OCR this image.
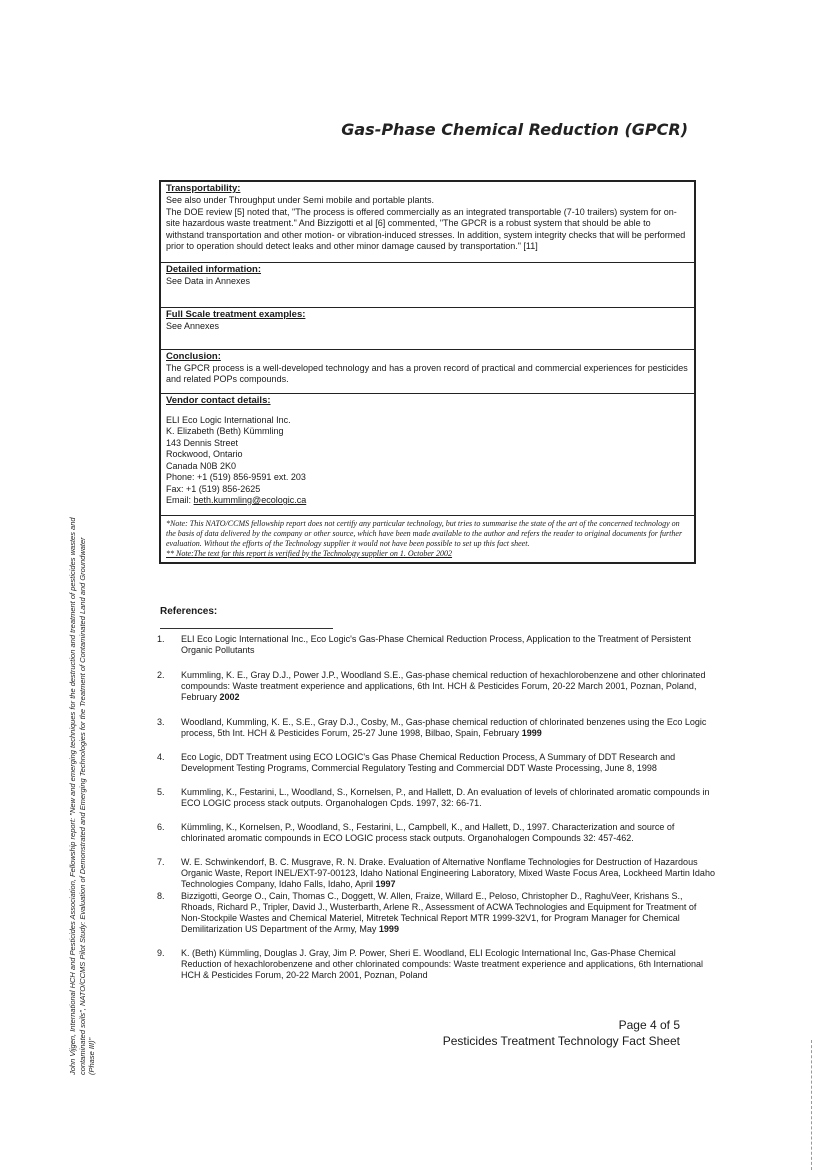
Gas-Phase Chemical Reduction (GPCR)
Transportability:
See also under Throughput under Semi mobile and portable plants.
The DOE review [5] noted that, "The process is offered commercially as an integrated transportable (7-10 trailers) system for on-site hazardous waste treatment." And Bizzigotti et al [6] commented, "The GPCR is a robust system that should be able to withstand transportation and other motion- or vibration-induced stresses. In addition, system integrity checks that will be performed prior to operation should detect leaks and other minor damage caused by transportation." [11]
Detailed information:
See Data in Annexes
Full Scale treatment examples:
See Annexes
Conclusion:
The GPCR process is a well-developed technology and has a proven record of practical and commercial experiences for pesticides and related POPs compounds.
Vendor contact details:
ELI Eco Logic International Inc.
K. Elizabeth (Beth) Kümmling
143 Dennis Street
Rockwood, Ontario
Canada N0B 2K0
Phone: +1 (519) 856-9591 ext. 203
Fax: +1 (519) 856-2625
Email: beth.kummling@ecologic.ca
*Note: This NATO/CCMS fellowship report does not certify any particular technology, but tries to summarise the state of the art of the concerned technology on the basis of data delivered by the company or other source, which have been made available to the author and refers the reader to original documents for further evaluation. Without the efforts of the Technology supplier it would not have been possible to set up this fact sheet.
** Note:The text for this report is verified by the Technology supplier on 1. October 2002
References:
1.	ELI Eco Logic International Inc., Eco Logic's Gas-Phase Chemical Reduction Process, Application to the Treatment of Persistent Organic Pollutants
2.	Kummling, K. E., Gray D.J., Power J.P., Woodland S.E., Gas-phase chemical reduction of hexachlorobenzene and other chlorinated compounds: Waste treatment experience and applications, 6th Int. HCH & Pesticides Forum, 20-22 March 2001, Poznan, Poland, February 2002
3.	Woodland, Kummling, K. E., S.E., Gray D.J., Cosby, M., Gas-phase chemical reduction of chlorinated benzenes using the Eco Logic process, 5th Int. HCH & Pesticides Forum, 25-27 June 1998, Bilbao, Spain, February 1999
4.	Eco Logic, DDT Treatment using ECO LOGIC's Gas Phase Chemical Reduction Process, A Summary of DDT Research and Development Testing Programs, Commercial Regulatory Testing and Commercial DDT Waste Processing, June 8, 1998
5.	Kummling, K., Festarini, L., Woodland, S., Kornelsen, P., and Hallett, D. An evaluation of levels of chlorinated aromatic compounds in ECO LOGIC process stack outputs. Organohalogen Cpds. 1997, 32: 66-71.
6.	Kümmling, K., Kornelsen, P., Woodland, S., Festarini, L., Campbell, K., and Hallett, D., 1997. Characterization and source of chlorinated aromatic compounds in ECO LOGIC process stack outputs. Organohalogen Compounds 32: 457-462.
7.	W. E. Schwinkendorf, B. C. Musgrave, R. N. Drake. Evaluation of Alternative Nonflame Technologies for Destruction of Hazardous Organic Waste, Report INEL/EXT-97-00123, Idaho National Engineering Laboratory, Mixed Waste Focus Area, Lockheed Martin Idaho Technologies Company, Idaho Falls, Idaho, April 1997
8.	Bizzigotti, George O., Cain, Thomas C., Doggett, W. Allen, Fraize, Willard E., Peloso, Christopher D., RaghuVeer, Krishans S., Rhoads, Richard P., Tripler, David J., Wusterbarth, Arlene R., Assessment of ACWA Technologies and Equipment for Treatment of Non-Stockpile Wastes and Chemical Materiel, Mitretek Technical Report MTR 1999-32V1, for Program Manager for Chemical Demilitarization US Department of the Army, May 1999
9.	K. (Beth) Kümmling, Douglas J. Gray, Jim P. Power, Sheri E. Woodland, ELI Ecologic International Inc, Gas-Phase Chemical Reduction of hexachlorobenzene and other chlorinated compounds: Waste treatment experience and applications, 6th International HCH & Pesticides Forum, 20-22 March 2001, Poznan, Poland
Page 4 of 5
Pesticides Treatment Technology Fact Sheet
John Vijgen, International HCH and Pesticides Association, Fellowship report: "New and emerging techniques for the destruction and treatment of pesticides wastes and contaminated soils", NATO/CCMS Pilot Study: Evaluation of Demonstrated and Emerging Technologies for the Treatment of Contaminated Land and Groundwater (Phase III)"
